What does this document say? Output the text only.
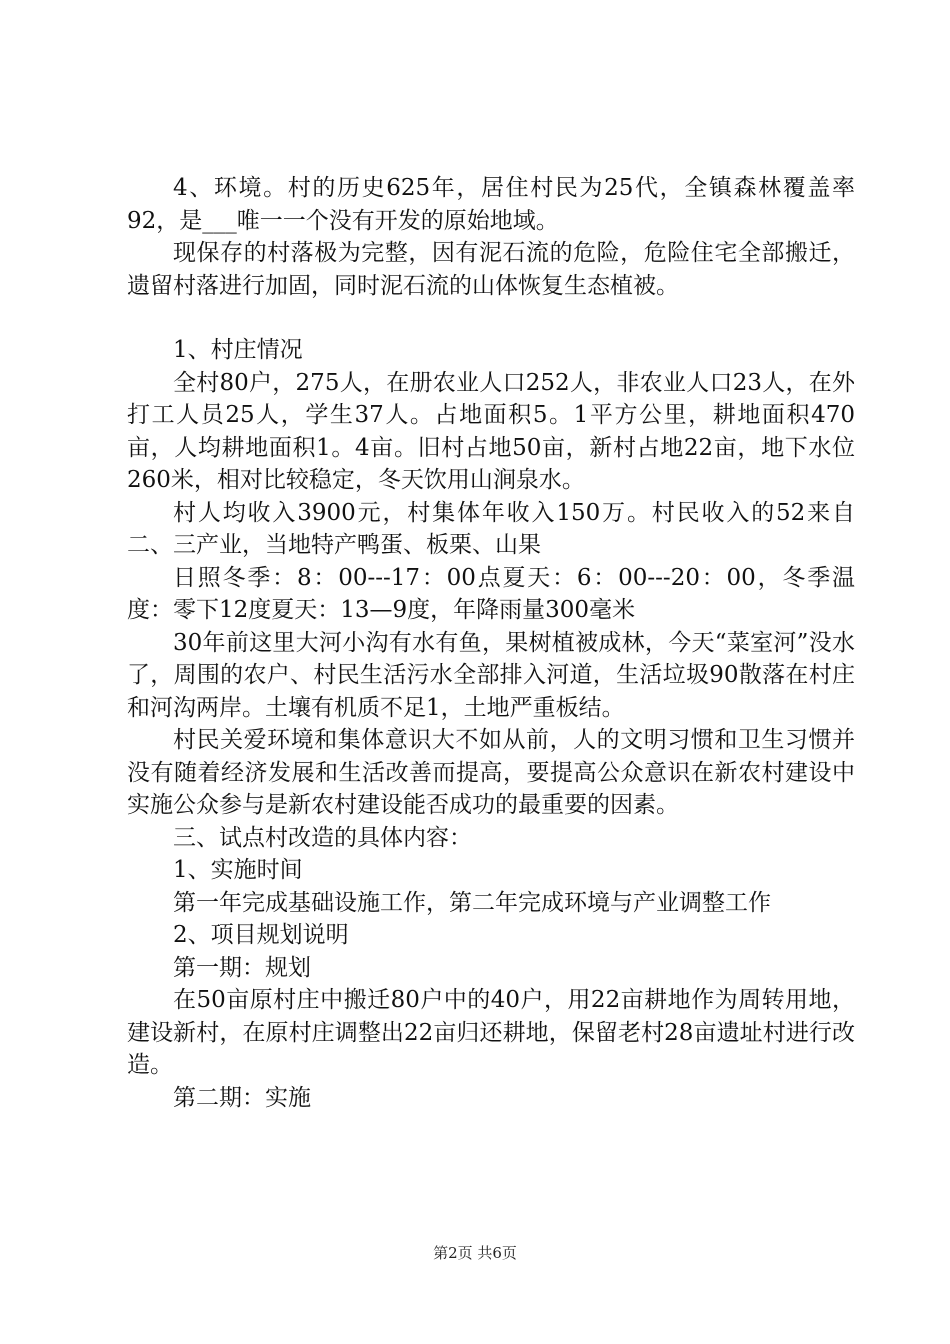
4、环境。村的历史625年，居住村民为25代，全镇森林覆盖率92，是___唯一一个没有开发的原始地域。

现保存的村落极为完整，因有泥石流的危险，危险住宅全部搬迁，遗留村落进行加固，同时泥石流的山体恢复生态植被。

1、村庄情况

全村80户，275人，在册农业人口252人，非农业人口23人，在外打工人员25人，学生37人。占地面积5。1平方公里，耕地面积470亩，人均耕地面积1。4亩。旧村占地50亩，新村占地22亩，地下水位260米，相对比较稳定，冬天饮用山涧泉水。

村人均收入3900元，村集体年收入150万。村民收入的52来自二、三产业，当地特产鸭蛋、板栗、山果

日照冬季：8：00---17：00点夏天：6：00---20：00，冬季温度：零下12度夏天：13—9度，年降雨量300毫米

30年前这里大河小沟有水有鱼，果树植被成林，今天“菜室河”没水了，周围的农户、村民生活污水全部排入河道，生活垃圾90散落在村庄和河沟两岸。土壤有机质不足1，土地严重板结。

村民关爱环境和集体意识大不如从前，人的文明习惯和卫生习惯并没有随着经济发展和生活改善而提高，要提高公众意识在新农村建设中实施公众参与是新农村建设能否成功的最重要的因素。

三、试点村改造的具体内容：

1、实施时间

第一年完成基础设施工作，第二年完成环境与产业调整工作

2、项目规划说明

第一期：规划

在50亩原村庄中搬迁80户中的40户，用22亩耕地作为周转用地，建设新村，在原村庄调整出22亩归还耕地，保留老村28亩遗址村进行改造。

第二期：实施

第2页 共6页
